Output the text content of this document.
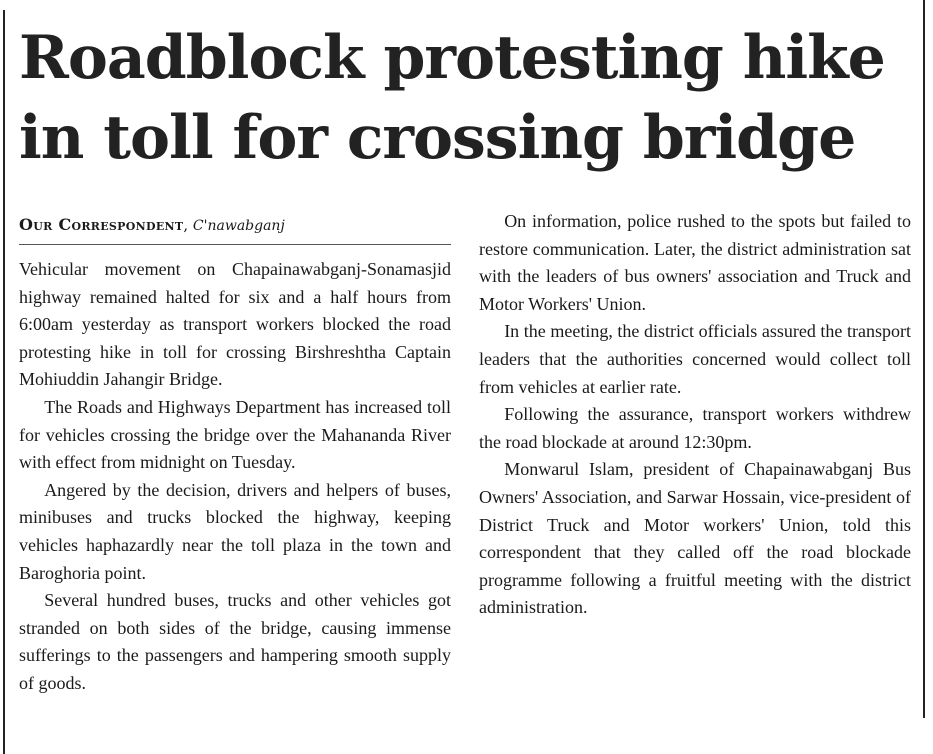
Roadblock protesting hike in toll for crossing bridge
Our Correspondent, C'nawabganj

Vehicular movement on Chapainawabganj-Sonamasjid highway remained halted for six and a half hours from 6:00am yesterday as transport workers blocked the road protesting hike in toll for crossing Birshreshtha Captain Mohiuddin Jahangir Bridge.

The Roads and Highways Department has increased toll for vehicles crossing the bridge over the Mahananda River with effect from midnight on Tuesday.

Angered by the decision, drivers and helpers of buses, minibuses and trucks blocked the highway, keeping vehicles haphazardly near the toll plaza in the town and Baroghoria point.

Several hundred buses, trucks and other vehicles got stranded on both sides of the bridge, causing immense sufferings to the passengers and hampering smooth supply of goods.

On information, police rushed to the spots but failed to restore communication. Later, the district administration sat with the leaders of bus owners' association and Truck and Motor Workers' Union.

In the meeting, the district officials assured the transport leaders that the authorities concerned would collect toll from vehicles at earlier rate.

Following the assurance, transport workers withdrew the road blockade at around 12:30pm.

Monwarul Islam, president of Chapainawabganj Bus Owners' Association, and Sarwar Hossain, vice-president of District Truck and Motor workers' Union, told this correspondent that they called off the road blockade programme following a fruitful meeting with the district administration.
